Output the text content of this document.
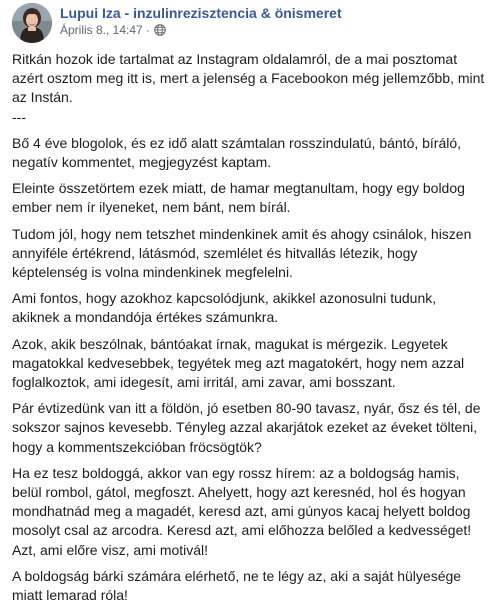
Lupui Iza - inzulinrezisztencia & önismeret
Április 8., 14:47 ·

Ritkán hozok ide tartalmat az Instagram oldalamról, de a mai posztomat azért osztom meg itt is, mert a jelenség a Facebookon még jellemzőbb, mint az Instán.

---

Bő 4 éve blogolok, és ez idő alatt számtalan rosszindulatú, bántó, bíráló, negatív kommentet, megjegyzést kaptam.

Eleinte összetörtem ezek miatt, de hamar megtanultam, hogy egy boldog ember nem ír ilyeneket, nem bánt, nem bírál.

Tudom jól, hogy nem tetszhet mindenkinek amit és ahogy csinálok, hiszen annyiféle értékrend, látásmód, szemlélet és hitvallás létezik, hogy képtelenség is volna mindenkinek megfelelni.

Ami fontos, hogy azokhoz kapcsolódjunk, akikkel azonosulni tudunk, akiknek a mondandója értékes számunkra.

Azok, akik beszólnak, bántóakat írnak, magukat is mérgezik. Legyetek magatokkal kedvesebbek, tegyétek meg azt magatokért, hogy nem azzal foglalkoztok, ami idegesít, ami irritál, ami zavar, ami bosszant.

Pár évtizedünk van itt a földön, jó esetben 80-90 tavasz, nyár, ősz és tél, de sokszor sajnos kevesebb. Tényleg azzal akarjátok ezeket az éveket tölteni, hogy a kommentszekcióban fröcsögtök?

Ha ez tesz boldoggá, akkor van egy rossz hírem: az a boldogság hamis, belül rombol, gátol, megfoszt. Ahelyett, hogy azt keresnéd, hol és hogyan mondhatnád meg a magadét, keresd azt, ami gúnyos kacaj helyett boldog mosolyt csal az arcodra. Keresd azt, ami előhozza belőled a kedvességet! Azt, ami előre visz, ami motivál!

A boldogság bárki számára elérhető, ne te légy az, aki a saját hülyesége miatt lemarad róla!
